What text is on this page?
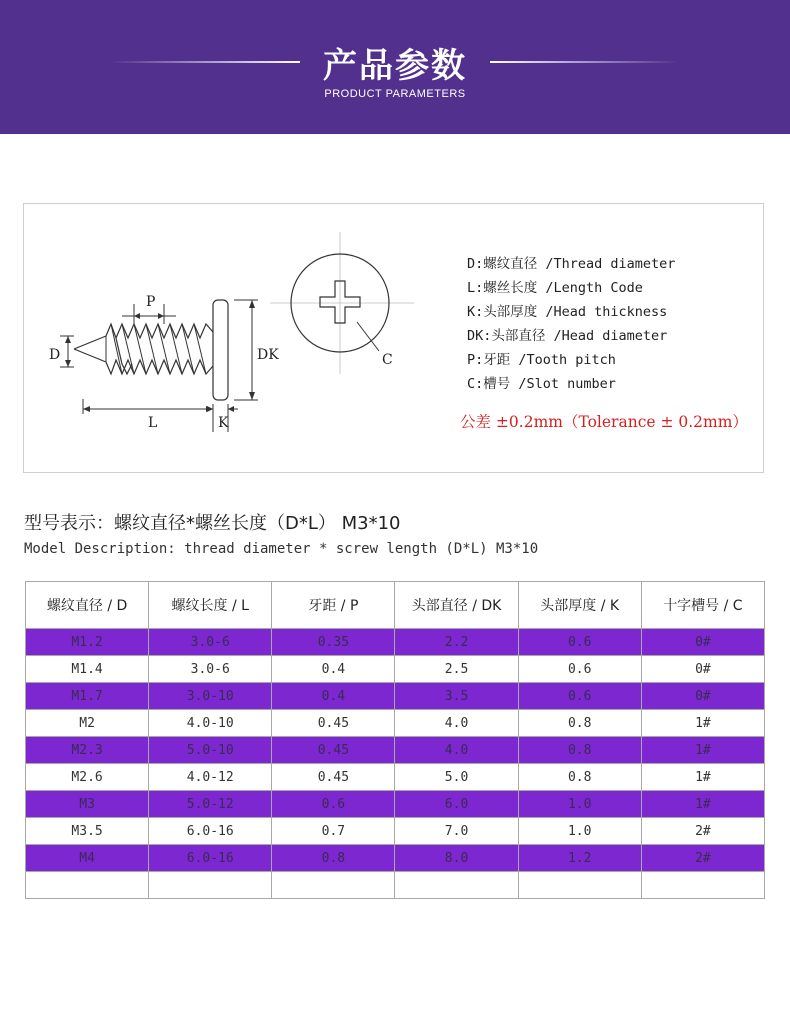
产品参数
PRODUCT PARAMETERS
P
D	DK
L	K
C
D:螺纹直径 /Thread diameter
L:螺丝长度 /Length Code
K:头部厚度 /Head thickness
DK:头部直径 /Head diameter
P:牙距 /Tooth pitch
C:槽号 /Slot number
公差 ±0.2mm（Tolerance ± 0.2mm）
型号表示：螺纹直径*螺丝长度（D*L） M3*10
Model Description: thread diameter * screw length (D*L) M3*10
螺纹直径 / D	螺纹长度 / L	牙距 / P	头部直径 / DK	头部厚度 / K	十字槽号 / C
M1.2	3.0-6	0.35	2.2	0.6	0#
M1.4	3.0-6	0.4	2.5	0.6	0#
M1.7	3.0-10	0.4	3.5	0.6	0#
M2	4.0-10	0.45	4.0	0.8	1#
M2.3	5.0-10	0.45	4.0	0.8	1#
M2.6	4.0-12	0.45	5.0	0.8	1#
M3	5.0-12	0.6	6.0	1.0	1#
M3.5	6.0-16	0.7	7.0	1.0	2#
M4	6.0-16	0.8	8.0	1.2	2#
